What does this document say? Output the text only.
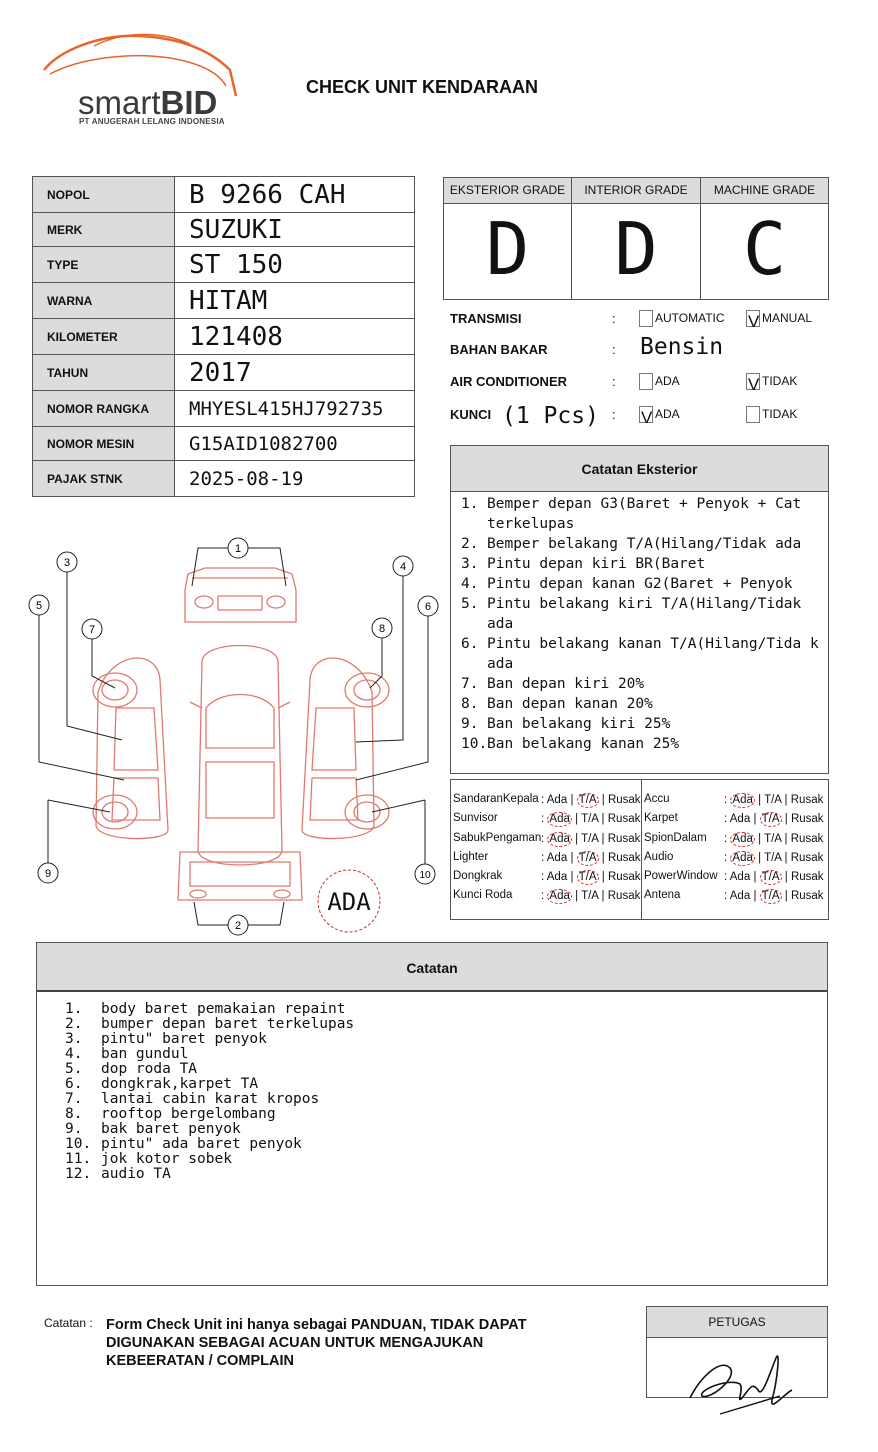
smartBID
PT ANUGERAH LELANG INDONESIA
CHECK UNIT KENDARAAN
NOPOL	B 9266 CAH
MERK	SUZUKI
TYPE	ST 150
WARNA	HITAM
KILOMETER	121408
TAHUN	2017
NOMOR RANGKA	MHYESL415HJ792735
NOMOR MESIN	G15AID1082700
PAJAK STNK	2025-08-19
EKSTERIOR GRADE
D
INTERIOR GRADE
D
MACHINE GRADE
C
TRANSMISI	:	AUTOMATIC V MANUAL
BAHAN BAKAR	: Bensin
AIR CONDITIONER	:	ADA	V TIDAK
KUNCI (1 Pcs) : V ADA	TIDAK
Catatan Eksterior
1. Bemper depan G3(Baret + Penyok + Cat terkelupas
2. Bemper belakang T/A(Hilang/Tidak ada
3. Pintu depan kiri BR(Baret
4. Pintu depan kanan G2(Baret + Penyok
5. Pintu belakang kiri T/A(Hilang/Tidak ada
6. Pintu belakang kanan T/A(Hilang/Tida k ada
7. Ban depan kiri 20%
8. Ban depan kanan 20%
9. Ban belakang kiri 25%
10. Ban belakang kanan 25%
SandaranKepala : Ada | T/A | Rusak
Sunvisor	: Ada | T/A | Rusak
SabukPengaman : Ada | T/A | Rusak
Lighter	: Ada | T/A | Rusak
Dongkrak	: Ada | T/A | Rusak
Kunci Roda : Ada | T/A | Rusak
Accu	: Ada | T/A | Rusak
Karpet	: Ada | T/A | Rusak
SpionDalam : Ada | T/A | Rusak
Audio	: Ada | T/A | Rusak
PowerWindow : Ada | T/A | Rusak
Antena	: Ada | T/A | Rusak
1
2
3	4
5	6
7	8
9	10
ADA
Catatan
1.	body baret pemakaian repaint
2.	bumper depan baret terkelupas
3.	pintu" baret penyok
4.	ban gundul
5.	dop roda TA
6.	dongkrak,karpet TA
7.	lantai cabin karat kropos
8.	rooftop bergelombang
9.	bak baret penyok
10. pintu" ada baret penyok
11. jok kotor sobek
12. audio TA
Catatan : Form Check Unit ini hanya sebagai PANDUAN, TIDAK DAPAT DIGUNAKAN SEBAGAI ACUAN UNTUK MENGAJUKAN KEBEERATAN / COMPLAIN
PETUGAS
